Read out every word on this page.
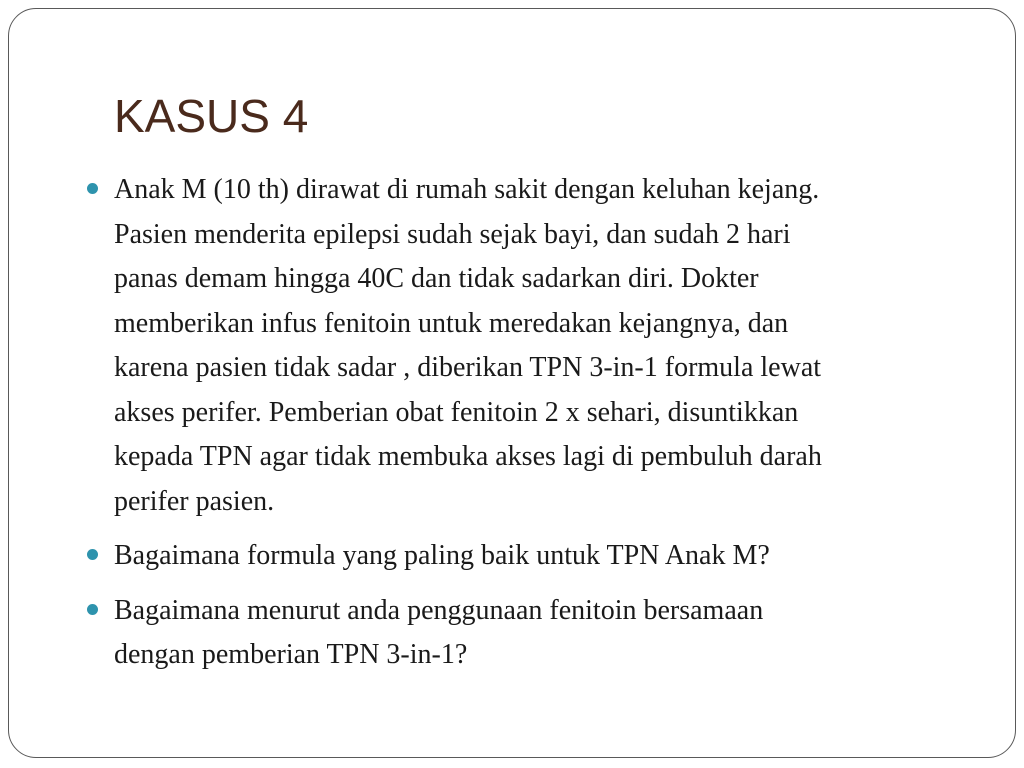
KASUS 4
Anak M (10 th) dirawat di rumah sakit dengan keluhan kejang.
Pasien menderita epilepsi sudah sejak bayi, dan sudah 2 hari
panas demam hingga 40C dan tidak sadarkan diri. Dokter
memberikan infus fenitoin untuk meredakan kejangnya, dan
karena pasien tidak sadar , diberikan TPN 3-in-1 formula lewat
akses perifer. Pemberian obat fenitoin 2 x sehari, disuntikkan
kepada TPN agar tidak membuka akses lagi di pembuluh darah
perifer pasien.
Bagaimana formula yang paling baik untuk TPN Anak M?
Bagaimana menurut anda penggunaan fenitoin bersamaan
dengan pemberian TPN 3-in-1?
